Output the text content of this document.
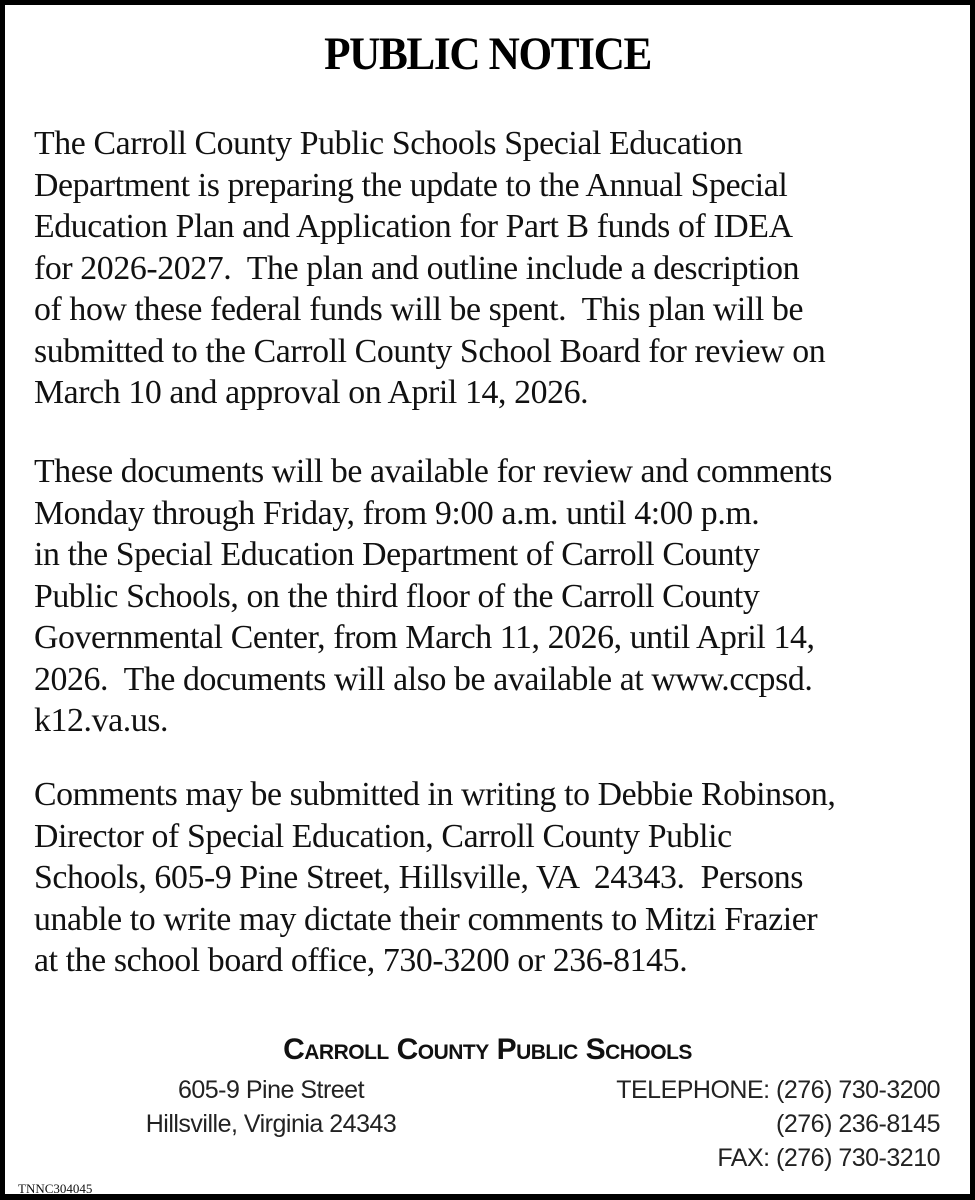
PUBLIC NOTICE
The Carroll County Public Schools Special Education
Department is preparing the update to the Annual Special
Education Plan and Application for Part B funds of IDEA
for 2026-2027.  The plan and outline include a description
of how these federal funds will be spent.  This plan will be
submitted to the Carroll County School Board for review on
March 10 and approval on April 14, 2026.
These documents will be available for review and comments
Monday through Friday, from 9:00 a.m. until 4:00 p.m.
in the Special Education Department of Carroll County
Public Schools, on the third floor of the Carroll County
Governmental Center, from March 11, 2026, until April 14,
2026.  The documents will also be available at www.ccpsd.
k12.va.us.
Comments may be submitted in writing to Debbie Robinson,
Director of Special Education, Carroll County Public
Schools, 605-9 Pine Street, Hillsville, VA  24343.  Persons
unable to write may dictate their comments to Mitzi Frazier
at the school board office, 730-3200 or 236-8145.
Carroll County Public Schools
605-9 Pine Street
Hillsville, Virginia 24343
TELEPHONE: (276) 730-3200
(276) 236-8145
FAX: (276) 730-3210
TNNC304045
